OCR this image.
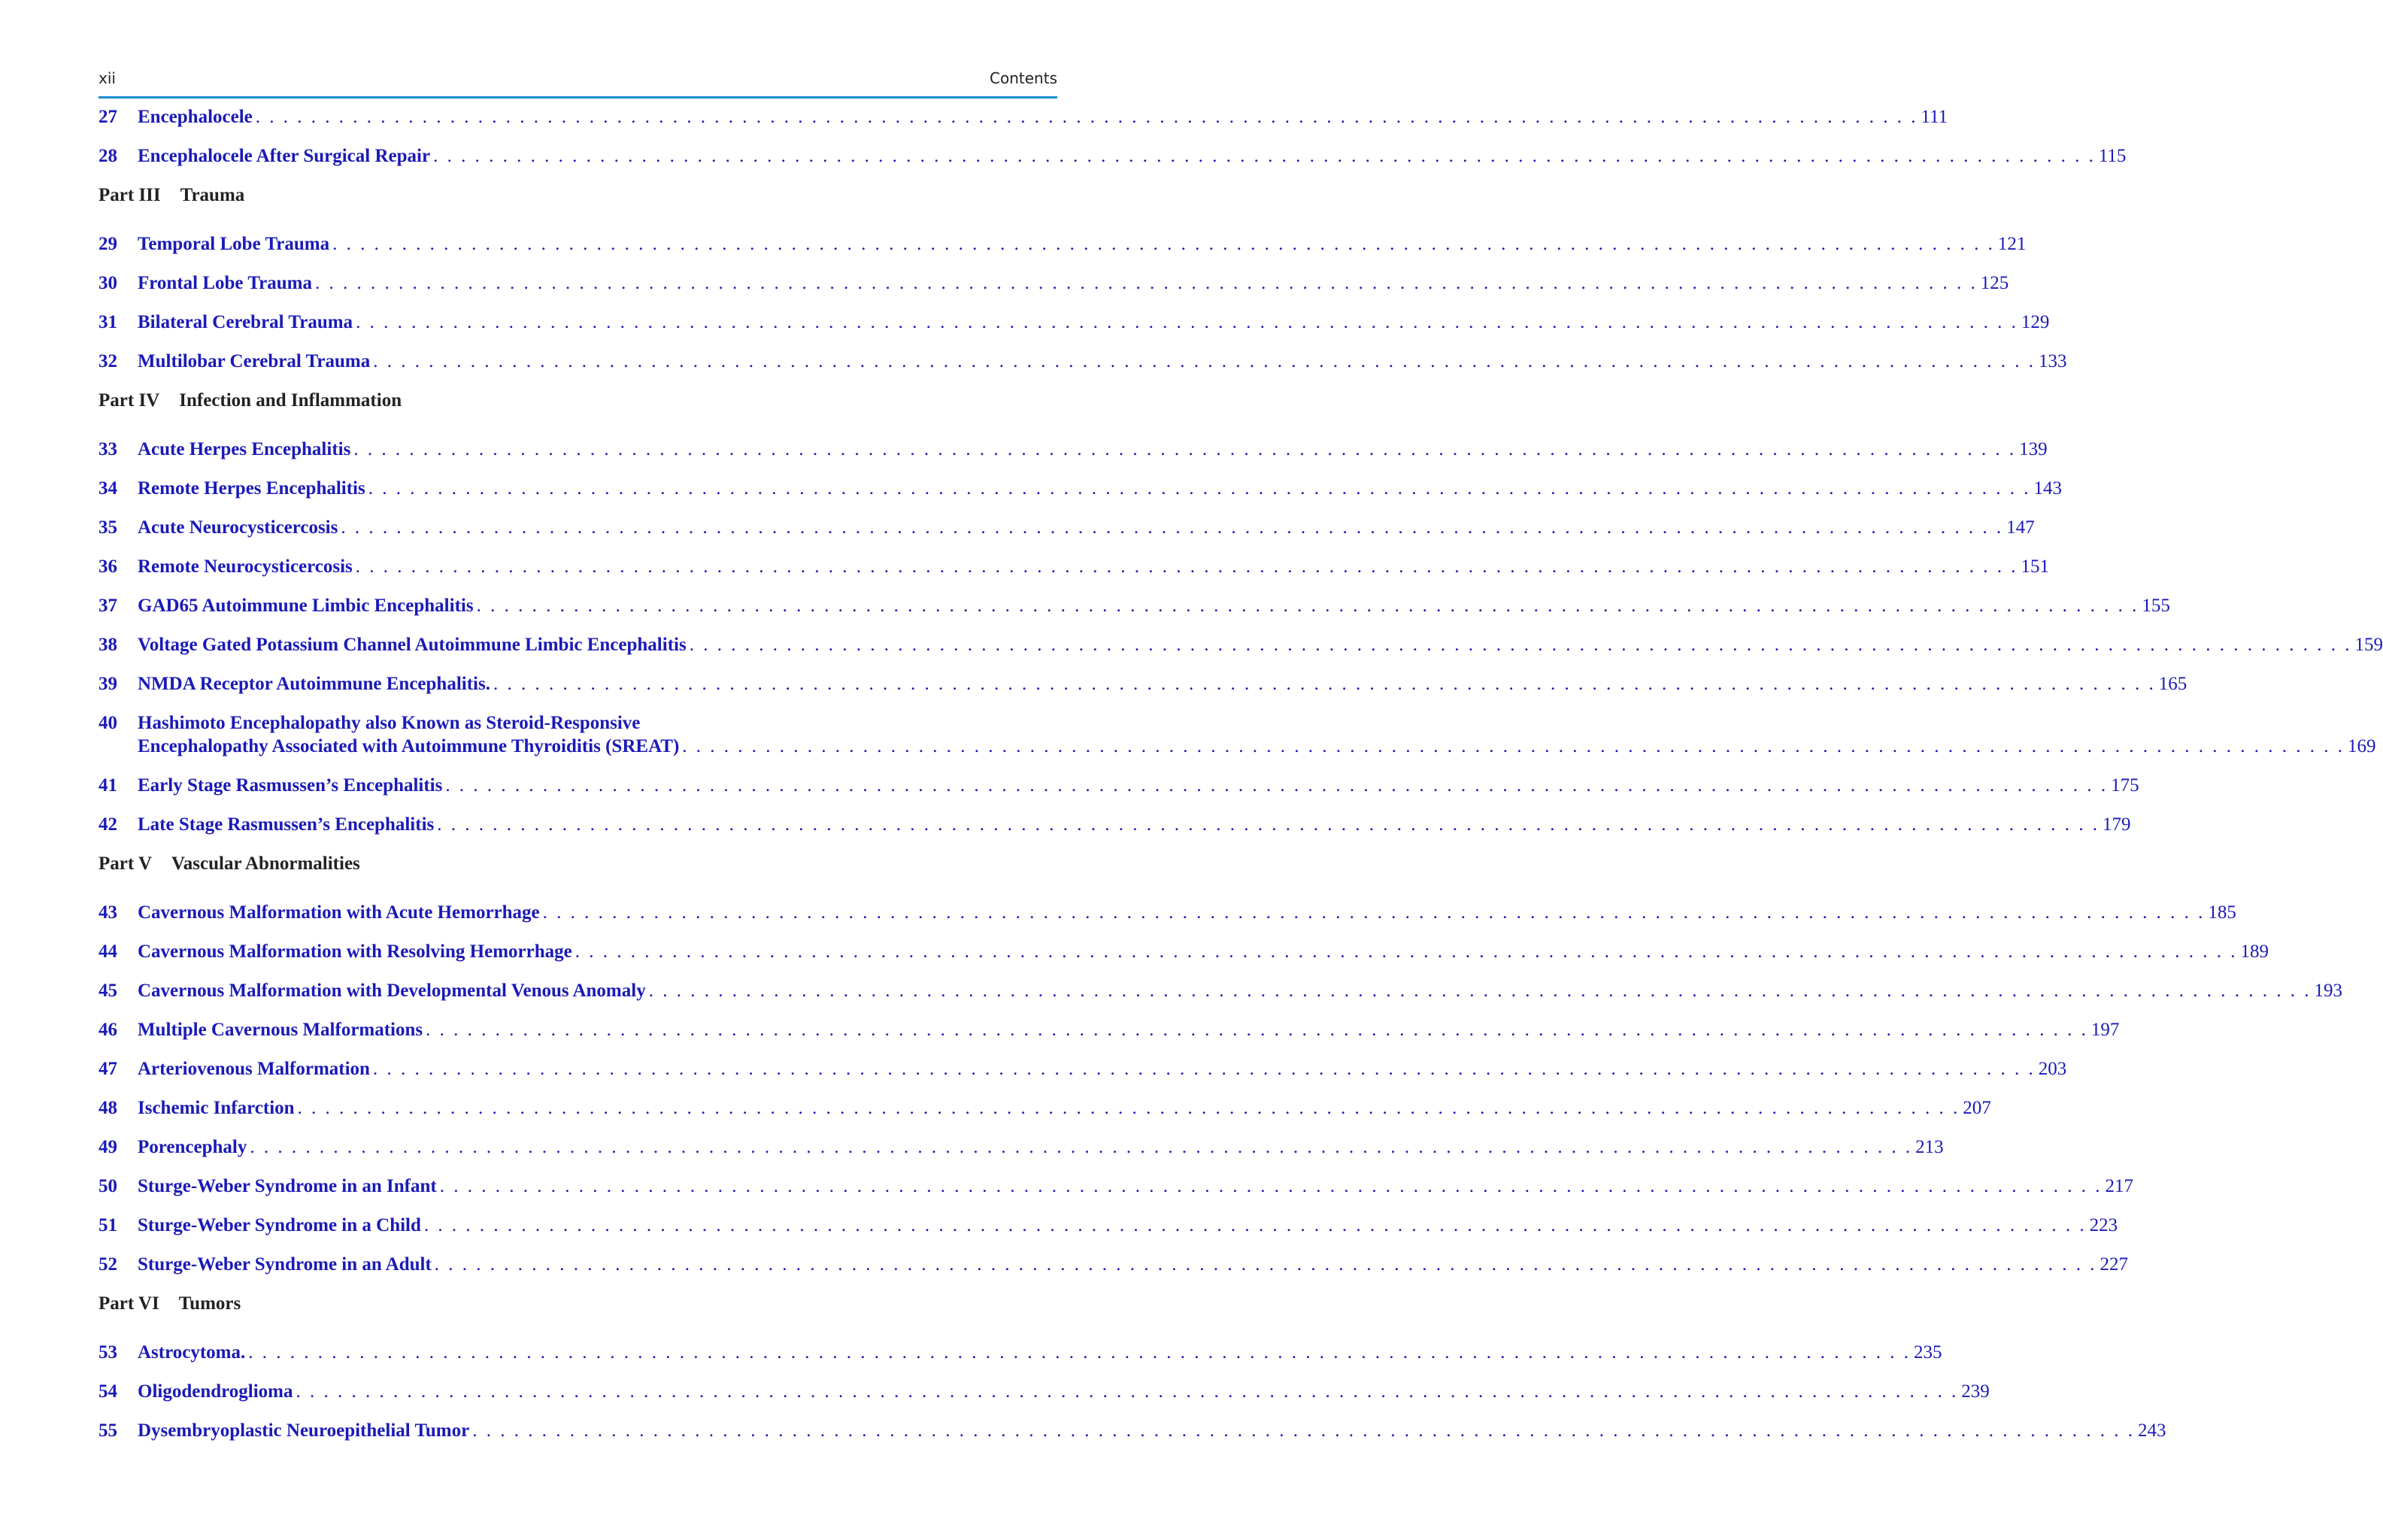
xii	Contents
27	Encephalocele . . . . . . . . . . . . . . . . . . . . . . . . . . . . . . . . . . . . . . . . . . . . . . . . . . . . . . . . . . . . . . . . . . . . . . . . . . . . . . . . . . . . . . . . . . . . . . . . . . . . . . . . . . . . . . . . . . . . . . . . 111
28	Encephalocele After Surgical Repair . . . . . . . . . . . . . . . . . . . . . . . . . . . . . . . . . . . . . . . . . . . . . . . . . . . . . . . . . . . . . . . . . . . . . . . . . . . . . . . . . . . . . . . . . . . . . . . . . . . . . . . . . . . . . . . . . . . . . . . . 115
Part III Trauma
29	Temporal Lobe Trauma . . . . . . . . . . . . . . . . . . . . . . . . . . . . . . . . . . . . . . . . . . . . . . . . . . . . . . . . . . . . . . . . . . . . . . . . . . . . . . . . . . . . . . . . . . . . . . . . . . . . . . . . . . . . . . . . . . . . . . . . 121
30	Frontal Lobe Trauma . . . . . . . . . . . . . . . . . . . . . . . . . . . . . . . . . . . . . . . . . . . . . . . . . . . . . . . . . . . . . . . . . . . . . . . . . . . . . . . . . . . . . . . . . . . . . . . . . . . . . . . . . . . . . . . . . . . . . . . . 125
31	Bilateral Cerebral Trauma . . . . . . . . . . . . . . . . . . . . . . . . . . . . . . . . . . . . . . . . . . . . . . . . . . . . . . . . . . . . . . . . . . . . . . . . . . . . . . . . . . . . . . . . . . . . . . . . . . . . . . . . . . . . . . . . . . . . . . . . 129
32	Multilobar Cerebral Trauma . . . . . . . . . . . . . . . . . . . . . . . . . . . . . . . . . . . . . . . . . . . . . . . . . . . . . . . . . . . . . . . . . . . . . . . . . . . . . . . . . . . . . . . . . . . . . . . . . . . . . . . . . . . . . . . . . . . . . . . . 133
Part IV Infection and Inflammation
33	Acute Herpes Encephalitis . . . . . . . . . . . . . . . . . . . . . . . . . . . . . . . . . . . . . . . . . . . . . . . . . . . . . . . . . . . . . . . . . . . . . . . . . . . . . . . . . . . . . . . . . . . . . . . . . . . . . . . . . . . . . . . . . . . . . . . . 139
34	Remote Herpes Encephalitis . . . . . . . . . . . . . . . . . . . . . . . . . . . . . . . . . . . . . . . . . . . . . . . . . . . . . . . . . . . . . . . . . . . . . . . . . . . . . . . . . . . . . . . . . . . . . . . . . . . . . . . . . . . . . . . . . . . . . . . . 143
35	Acute Neurocysticercosis . . . . . . . . . . . . . . . . . . . . . . . . . . . . . . . . . . . . . . . . . . . . . . . . . . . . . . . . . . . . . . . . . . . . . . . . . . . . . . . . . . . . . . . . . . . . . . . . . . . . . . . . . . . . . . . . . . . . . . . . 147
36	Remote Neurocysticercosis . . . . . . . . . . . . . . . . . . . . . . . . . . . . . . . . . . . . . . . . . . . . . . . . . . . . . . . . . . . . . . . . . . . . . . . . . . . . . . . . . . . . . . . . . . . . . . . . . . . . . . . . . . . . . . . . . . . . . . . . 151
37	GAD65 Autoimmune Limbic Encephalitis . . . . . . . . . . . . . . . . . . . . . . . . . . . . . . . . . . . . . . . . . . . . . . . . . . . . . . . . . . . . . . . . . . . . . . . . . . . . . . . . . . . . . . . . . . . . . . . . . . . . . . . . . . . . . . . . . . . . . . . . 155
38	Voltage Gated Potassium Channel Autoimmune Limbic Encephalitis . . . . . . . . . . . . . . . . . . . . . . . . . . . . . . . . . . . . . . . . . . . . . . . . . . . . . . . . . . . . . . . . . . . . . . . . . . . . . . . . . . . . . . . . . . . . . . . . . . . . . . . . . . . . . . . . . . . . . . . . 159
39	NMDA Receptor Autoimmune Encephalitis. . . . . . . . . . . . . . . . . . . . . . . . . . . . . . . . . . . . . . . . . . . . . . . . . . . . . . . . . . . . . . . . . . . . . . . . . . . . . . . . . . . . . . . . . . . . . . . . . . . . . . . . . . . . . . . . . . . . . . . . . 165
40	Hashimoto Encephalopathy also Known as Steroid-Responsive
Encephalopathy Associated with Autoimmune Thyroiditis (SREAT) . . . . . . . . . . . . . . . . . . . . . . . . . . . . . . . . . . . . . . . . . . . . . . . . . . . . . . . . . . . . . . . . . . . . . . . . . . . . . . . . . . . . . . . . . . . . . . . . . . . . . . . . . . . . . . . . . . . . . . . . 169
41	Early Stage Rasmussen’s Encephalitis . . . . . . . . . . . . . . . . . . . . . . . . . . . . . . . . . . . . . . . . . . . . . . . . . . . . . . . . . . . . . . . . . . . . . . . . . . . . . . . . . . . . . . . . . . . . . . . . . . . . . . . . . . . . . . . . . . . . . . . . 175
42	Late Stage Rasmussen’s Encephalitis . . . . . . . . . . . . . . . . . . . . . . . . . . . . . . . . . . . . . . . . . . . . . . . . . . . . . . . . . . . . . . . . . . . . . . . . . . . . . . . . . . . . . . . . . . . . . . . . . . . . . . . . . . . . . . . . . . . . . . . . 179
Part V Vascular Abnormalities
43	Cavernous Malformation with Acute Hemorrhage . . . . . . . . . . . . . . . . . . . . . . . . . . . . . . . . . . . . . . . . . . . . . . . . . . . . . . . . . . . . . . . . . . . . . . . . . . . . . . . . . . . . . . . . . . . . . . . . . . . . . . . . . . . . . . . . . . . . . . . . 185
44	Cavernous Malformation with Resolving Hemorrhage . . . . . . . . . . . . . . . . . . . . . . . . . . . . . . . . . . . . . . . . . . . . . . . . . . . . . . . . . . . . . . . . . . . . . . . . . . . . . . . . . . . . . . . . . . . . . . . . . . . . . . . . . . . . . . . . . . . . . . . . 189
45	Cavernous Malformation with Developmental Venous Anomaly . . . . . . . . . . . . . . . . . . . . . . . . . . . . . . . . . . . . . . . . . . . . . . . . . . . . . . . . . . . . . . . . . . . . . . . . . . . . . . . . . . . . . . . . . . . . . . . . . . . . . . . . . . . . . . . . . . . . . . . . 193
46	Multiple Cavernous Malformations . . . . . . . . . . . . . . . . . . . . . . . . . . . . . . . . . . . . . . . . . . . . . . . . . . . . . . . . . . . . . . . . . . . . . . . . . . . . . . . . . . . . . . . . . . . . . . . . . . . . . . . . . . . . . . . . . . . . . . . . 197
47	Arteriovenous Malformation . . . . . . . . . . . . . . . . . . . . . . . . . . . . . . . . . . . . . . . . . . . . . . . . . . . . . . . . . . . . . . . . . . . . . . . . . . . . . . . . . . . . . . . . . . . . . . . . . . . . . . . . . . . . . . . . . . . . . . . . 203
48	Ischemic Infarction . . . . . . . . . . . . . . . . . . . . . . . . . . . . . . . . . . . . . . . . . . . . . . . . . . . . . . . . . . . . . . . . . . . . . . . . . . . . . . . . . . . . . . . . . . . . . . . . . . . . . . . . . . . . . . . . . . . . . . . . 207
49	Porencephaly . . . . . . . . . . . . . . . . . . . . . . . . . . . . . . . . . . . . . . . . . . . . . . . . . . . . . . . . . . . . . . . . . . . . . . . . . . . . . . . . . . . . . . . . . . . . . . . . . . . . . . . . . . . . . . . . . . . . . . . . 213
50	Sturge-Weber Syndrome in an Infant . . . . . . . . . . . . . . . . . . . . . . . . . . . . . . . . . . . . . . . . . . . . . . . . . . . . . . . . . . . . . . . . . . . . . . . . . . . . . . . . . . . . . . . . . . . . . . . . . . . . . . . . . . . . . . . . . . . . . . . . 217
51	Sturge-Weber Syndrome in a Child . . . . . . . . . . . . . . . . . . . . . . . . . . . . . . . . . . . . . . . . . . . . . . . . . . . . . . . . . . . . . . . . . . . . . . . . . . . . . . . . . . . . . . . . . . . . . . . . . . . . . . . . . . . . . . . . . . . . . . . . 223
52	Sturge-Weber Syndrome in an Adult . . . . . . . . . . . . . . . . . . . . . . . . . . . . . . . . . . . . . . . . . . . . . . . . . . . . . . . . . . . . . . . . . . . . . . . . . . . . . . . . . . . . . . . . . . . . . . . . . . . . . . . . . . . . . . . . . . . . . . . . 227
Part VI Tumors
53	Astrocytoma. . . . . . . . . . . . . . . . . . . . . . . . . . . . . . . . . . . . . . . . . . . . . . . . . . . . . . . . . . . . . . . . . . . . . . . . . . . . . . . . . . . . . . . . . . . . . . . . . . . . . . . . . . . . . . . . . . . . . . . . . 235
54	Oligodendroglioma . . . . . . . . . . . . . . . . . . . . . . . . . . . . . . . . . . . . . . . . . . . . . . . . . . . . . . . . . . . . . . . . . . . . . . . . . . . . . . . . . . . . . . . . . . . . . . . . . . . . . . . . . . . . . . . . . . . . . . . . 239
55	Dysembryoplastic Neuroepithelial Tumor . . . . . . . . . . . . . . . . . . . . . . . . . . . . . . . . . . . . . . . . . . . . . . . . . . . . . . . . . . . . . . . . . . . . . . . . . . . . . . . . . . . . . . . . . . . . . . . . . . . . . . . . . . . . . . . . . . . . . . . . 243
